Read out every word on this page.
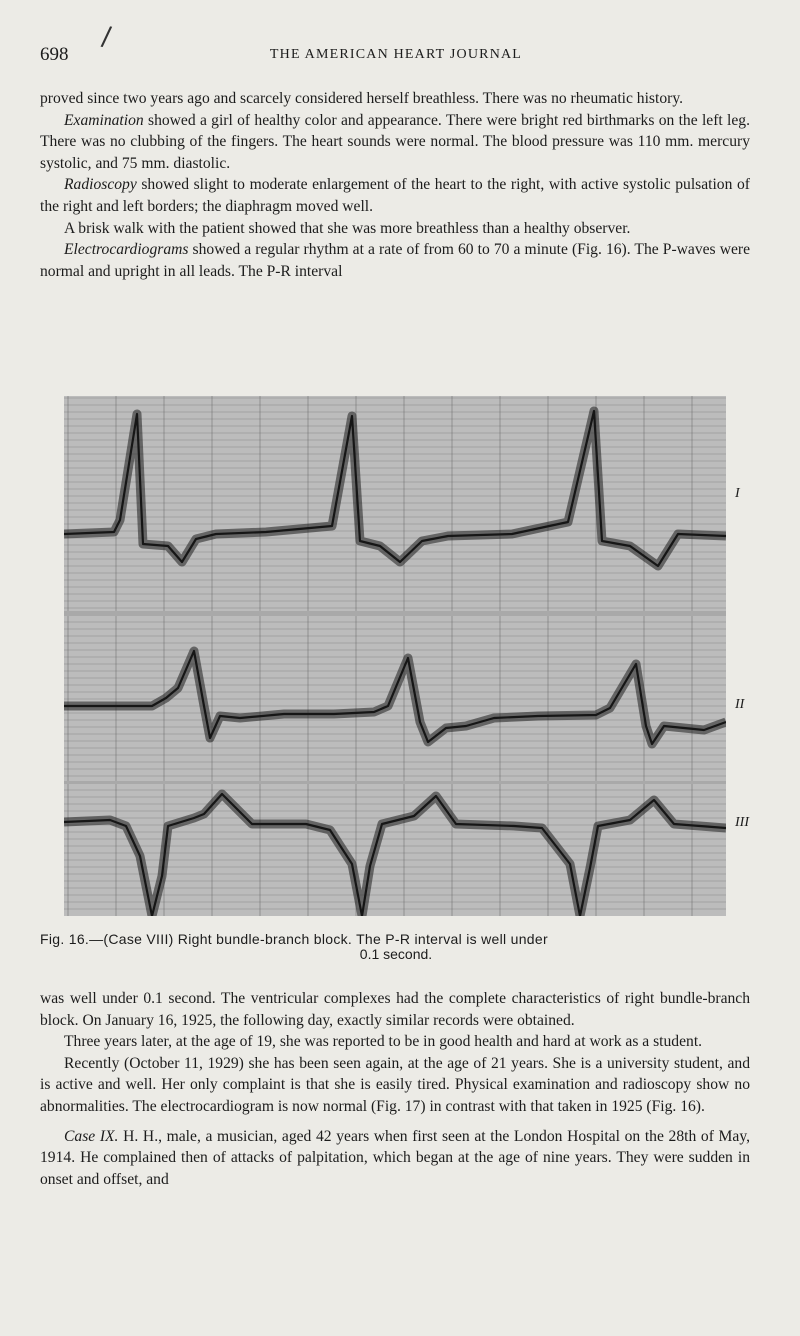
698
/
THE AMERICAN HEART JOURNAL

proved since two years ago and scarcely considered herself breathless. There was no rheumatic history.

Examination showed a girl of healthy color and appearance. There were bright red birthmarks on the left leg. There was no clubbing of the fingers. The heart sounds were normal. The blood pressure was 110 mm. mercury systolic, and 75 mm. diastolic.

Radioscopy showed slight to moderate enlargement of the heart to the right, with active systolic pulsation of the right and left borders; the diaphragm moved well.

A brisk walk with the patient showed that she was more breathless than a healthy observer.

Electrocardiograms showed a regular rhythm at a rate of from 60 to 70 a minute (Fig. 16). The P-waves were normal and upright in all leads. The P-R interval

I
II
III
Fig. 16.—(Case VIII) Right bundle-branch block. The P-R interval is well under
0.1 second.

was well under 0.1 second. The ventricular complexes had the complete characteristics of right bundle-branch block. On January 16, 1925, the following day, exactly similar records were obtained.

Three years later, at the age of 19, she was reported to be in good health and hard at work as a student.

Recently (October 11, 1929) she has been seen again, at the age of 21 years. She is a university student, and is active and well. Her only complaint is that she is easily tired. Physical examination and radioscopy show no abnormalities. The electrocardiogram is now normal (Fig. 17) in contrast with that taken in 1925 (Fig. 16).

Case IX. H. H., male, a musician, aged 42 years when first seen at the London Hospital on the 28th of May, 1914. He complained then of attacks of palpitation, which began at the age of nine years. They were sudden in onset and offset, and
